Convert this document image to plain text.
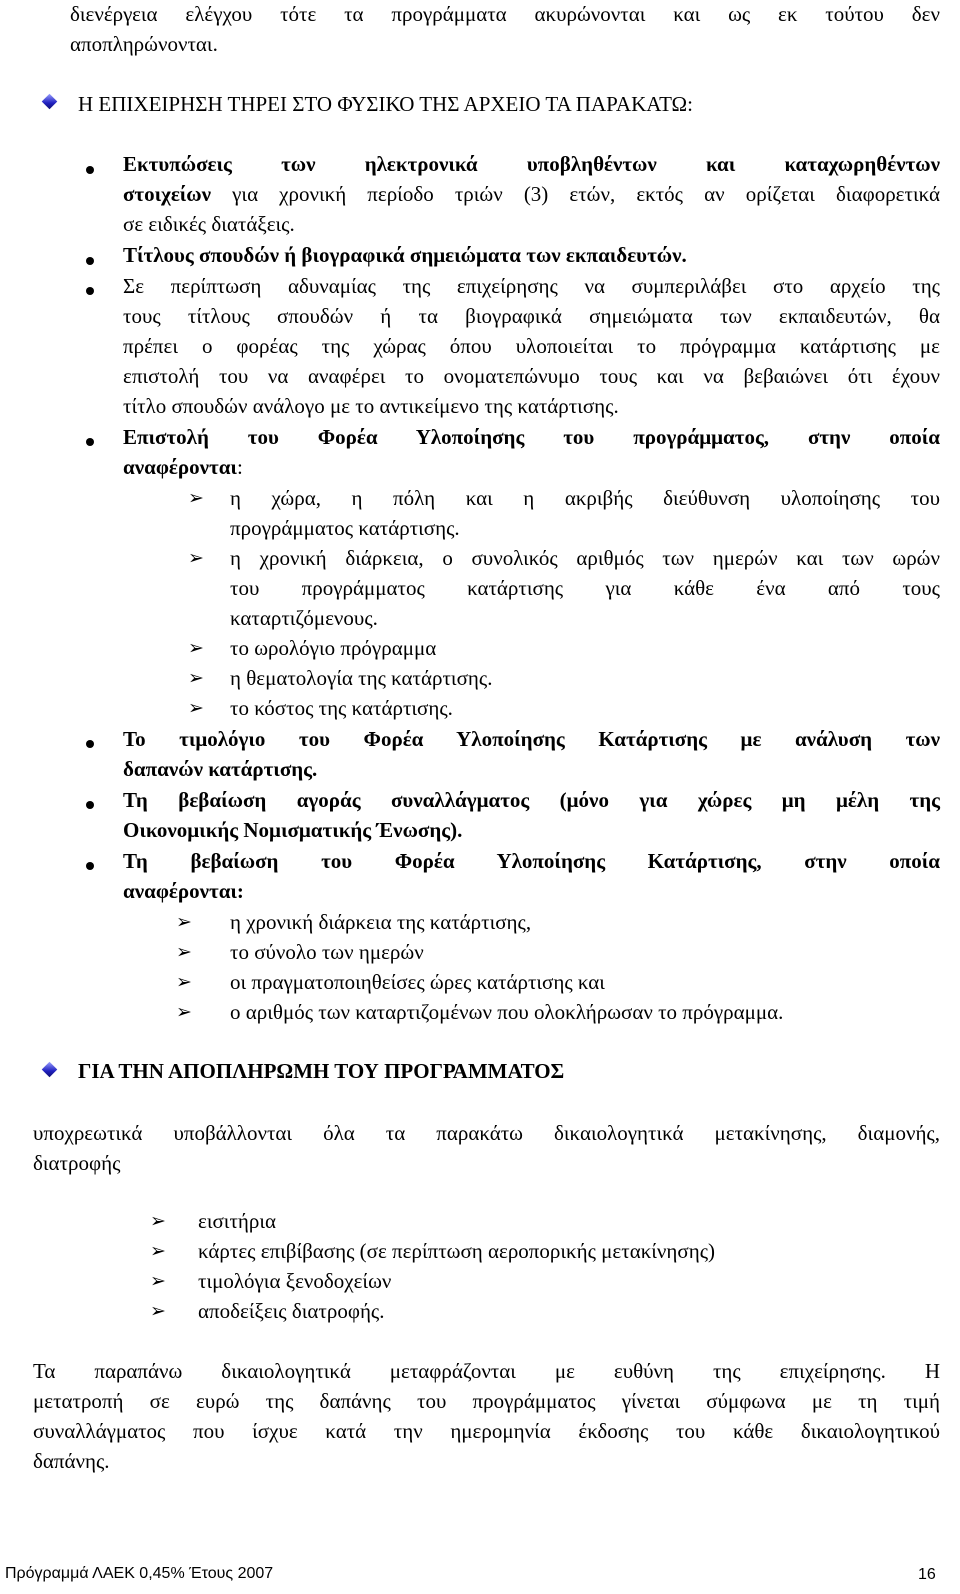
διενέργεια ελέγχου τότε τα προγράμματα ακυρώνονται και ως εκ τούτου δεν
αποπληρώνονται.
Η ΕΠΙΧΕΙΡΗΣΗ ΤΗΡΕΙ ΣΤΟ ΦΥΣΙΚΟ ΤΗΣ ΑΡΧΕΙΟ ΤΑ ΠΑΡΑΚΑΤΩ:
Εκτυπώσεις των ηλεκτρονικά υποβληθέντων και καταχωρηθέντων
στοιχείων για χρονική περίοδο τριών (3) ετών, εκτός αν ορίζεται διαφορετικά
σε ειδικές διατάξεις.
Τίτλους σπουδών ή βιογραφικά σημειώματα των εκπαιδευτών.
Σε περίπτωση αδυναμίας της επιχείρησης να συμπεριλάβει στο αρχείο της
τους τίτλους σπουδών ή τα βιογραφικά σημειώματα των εκπαιδευτών, θα
πρέπει ο φορέας της χώρας όπου υλοποιείται το πρόγραμμα κατάρτισης με
επιστολή του να αναφέρει το ονοματεπώνυμο τους και να βεβαιώνει ότι έχουν
τίτλο σπουδών ανάλογο με το αντικείμενο της κατάρτισης.
Επιστολή του Φορέα Υλοποίησης του προγράμματος, στην οποία
αναφέρονται:
➢ η χώρα, η πόλη και η ακριβής διεύθυνση υλοποίησης του
προγράμματος κατάρτισης.
➢ η χρονική διάρκεια, ο συνολικός αριθμός των ημερών και των ωρών
του προγράμματος κατάρτισης για κάθε ένα από τους
καταρτιζόμενους.
➢ το ωρολόγιο πρόγραμμα
➢ η θεματολογία της κατάρτισης.
➢ το κόστος της κατάρτισης.
Το τιμολόγιο του Φορέα Υλοποίησης Κατάρτισης με ανάλυση των
δαπανών κατάρτισης.
Τη βεβαίωση αγοράς συναλλάγματος (μόνο για χώρες μη μέλη της
Οικονομικής Νομισματικής Ένωσης).
Τη βεβαίωση του Φορέα Υλοποίησης Κατάρτισης, στην οποία
αναφέρονται:
➢ η χρονική διάρκεια της κατάρτισης,
➢ το σύνολο των ημερών
➢ οι πραγματοποιηθείσες ώρες κατάρτισης και
➢ ο αριθμός των καταρτιζομένων που ολοκλήρωσαν το πρόγραμμα.
ΓΙΑ ΤΗΝ ΑΠΟΠΛΗΡΩΜΗ ΤΟΥ ΠΡΟΓΡΑΜΜΑΤΟΣ
υποχρεωτικά υποβάλλονται όλα τα παρακάτω δικαιολογητικά μετακίνησης, διαμονής,
διατροφής
➢ εισιτήρια
➢ κάρτες επιβίβασης (σε περίπτωση αεροπορικής μετακίνησης)
➢ τιμολόγια ξενοδοχείων
➢ αποδείξεις διατροφής.
Τα παραπάνω δικαιολογητικά μεταφράζονται με ευθύνη της επιχείρησης. Η
μετατροπή σε ευρώ της δαπάνης του προγράμματος γίνεται σύμφωνα με τη τιμή
συναλλάγματος που ίσχυε κατά την ημερομηνία έκδοσης του κάθε δικαιολογητικού
δαπάνης.
Πρόγραμμά ΛΑΕΚ 0,45% Έτους 2007	16
